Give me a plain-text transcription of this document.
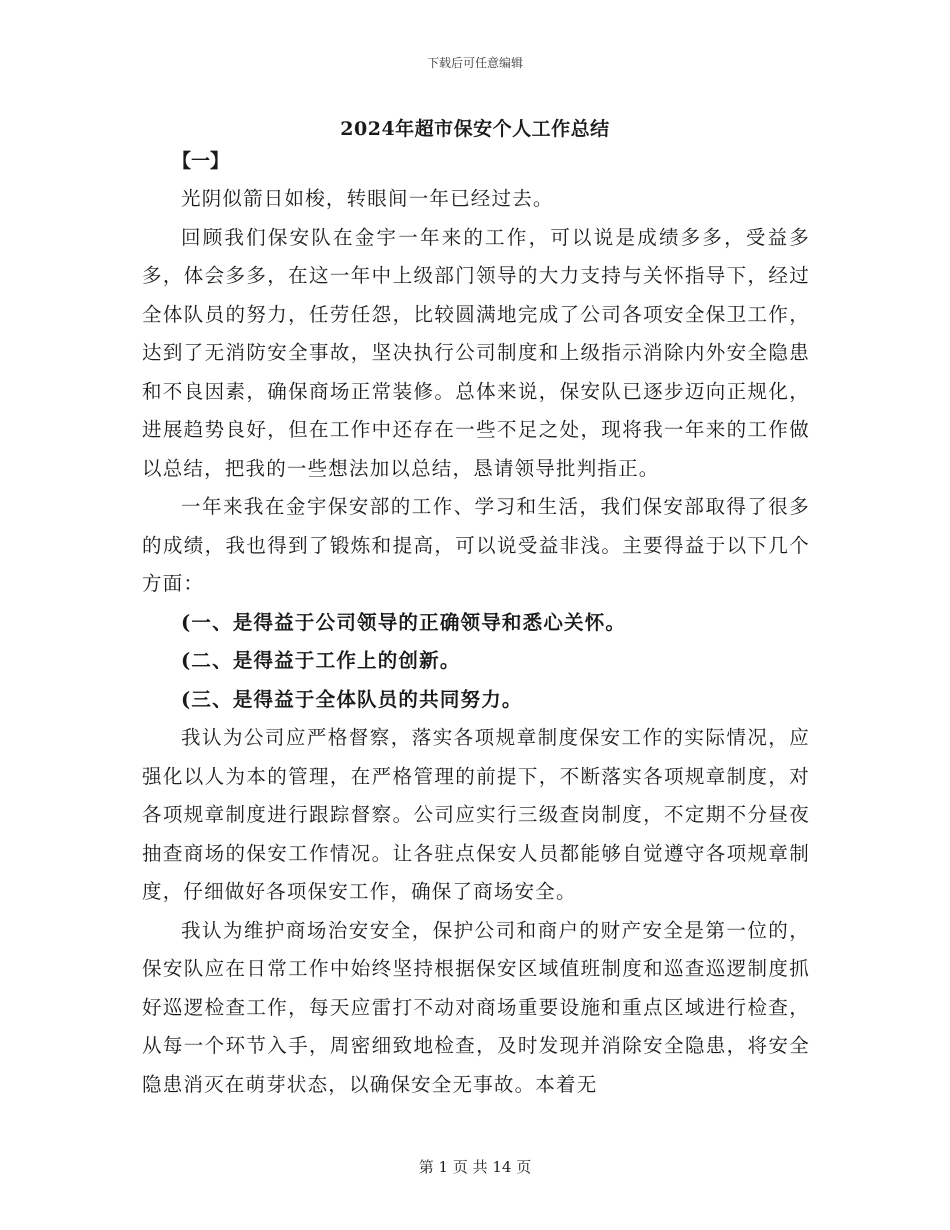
下载后可任意编辑
2024年超市保安个人工作总结
【一】

光阴似箭日如梭，转眼间一年已经过去。

回顾我们保安队在金宇一年来的工作，可以说是成绩多多，受益多多，体会多多，在这一年中上级部门领导的大力支持与关怀指导下，经过全体队员的努力，任劳任怨，比较圆满地完成了公司各项安全保卫工作，达到了无消防安全事故，坚决执行公司制度和上级指示消除内外安全隐患和不良因素，确保商场正常装修。总体来说，保安队已逐步迈向正规化，进展趋势良好，但在工作中还存在一些不足之处，现将我一年来的工作做以总结，把我的一些想法加以总结，恳请领导批判指正。

一年来我在金宇保安部的工作、学习和生活，我们保安部取得了很多的成绩，我也得到了锻炼和提高，可以说受益非浅。主要得益于以下几个方面：

(一、是得益于公司领导的正确领导和悉心关怀。

(二、是得益于工作上的创新。

(三、是得益于全体队员的共同努力。

我认为公司应严格督察，落实各项规章制度保安工作的实际情况，应强化以人为本的管理，在严格管理的前提下，不断落实各项规章制度，对各项规章制度进行跟踪督察。公司应实行三级查岗制度，不定期不分昼夜抽查商场的保安工作情况。让各驻点保安人员都能够自觉遵守各项规章制度，仔细做好各项保安工作，确保了商场安全。

我认为维护商场治安安全，保护公司和商户的财产安全是第一位的，保安队应在日常工作中始终坚持根据保安区域值班制度和巡查巡逻制度抓好巡逻检查工作，每天应雷打不动对商场重要设施和重点区域进行检查，从每一个环节入手，周密细致地检查，及时发现并消除安全隐患，将安全隐患消灭在萌芽状态，以确保安全无事故。本着无

第 1 页 共 14 页
